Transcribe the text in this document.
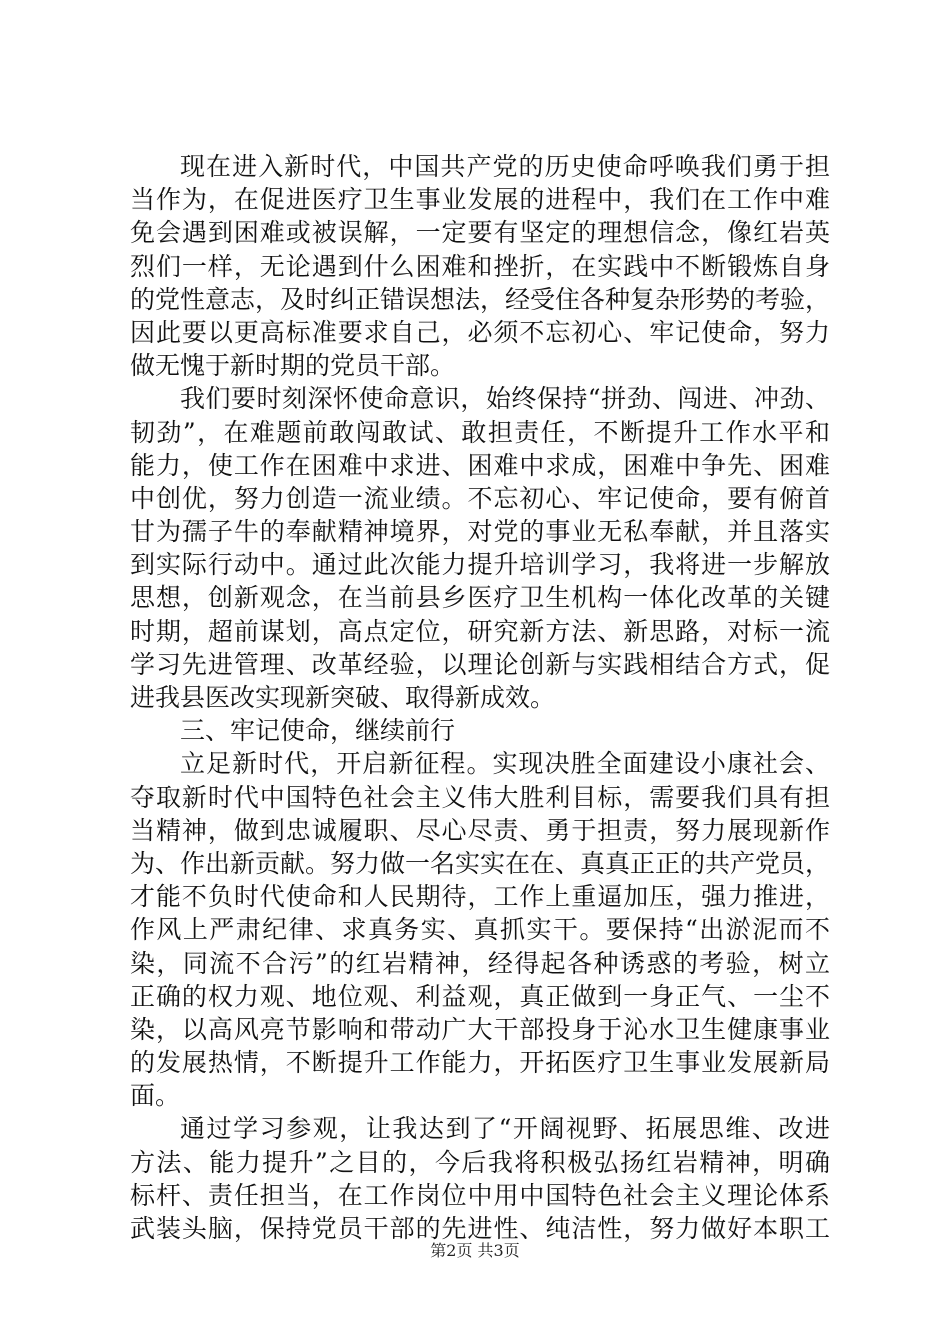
现在进入新时代，中国共产党的历史使命呼唤我们勇于担
当作为，在促进医疗卫生事业发展的进程中，我们在工作中难
免会遇到困难或被误解，一定要有坚定的理想信念，像红岩英
烈们一样，无论遇到什么困难和挫折，在实践中不断锻炼自身
的党性意志，及时纠正错误想法，经受住各种复杂形势的考验，
因此要以更高标准要求自己，必须不忘初心、牢记使命，努力
做无愧于新时期的党员干部。
我们要时刻深怀使命意识，始终保持“拼劲、闯进、冲劲、
韧劲”，在难题前敢闯敢试、敢担责任，不断提升工作水平和
能力，使工作在困难中求进、困难中求成，困难中争先、困难
中创优，努力创造一流业绩。不忘初心、牢记使命，要有俯首
甘为孺子牛的奉献精神境界，对党的事业无私奉献，并且落实
到实际行动中。通过此次能力提升培训学习，我将进一步解放
思想，创新观念，在当前县乡医疗卫生机构一体化改革的关键
时期，超前谋划，高点定位，研究新方法、新思路，对标一流
学习先进管理、改革经验，以理论创新与实践相结合方式，促
进我县医改实现新突破、取得新成效。
三、牢记使命，继续前行
立足新时代，开启新征程。实现决胜全面建设小康社会、
夺取新时代中国特色社会主义伟大胜利目标，需要我们具有担
当精神，做到忠诚履职、尽心尽责、勇于担责，努力展现新作
为、作出新贡献。努力做一名实实在在、真真正正的共产党员，
才能不负时代使命和人民期待，工作上重逼加压，强力推进，
作风上严肃纪律、求真务实、真抓实干。要保持“出淤泥而不
染，同流不合污”的红岩精神，经得起各种诱惑的考验，树立
正确的权力观、地位观、利益观，真正做到一身正气、一尘不
染，以高风亮节影响和带动广大干部投身于沁水卫生健康事业
的发展热情，不断提升工作能力，开拓医疗卫生事业发展新局
面。
通过学习参观，让我达到了“开阔视野、拓展思维、改进
方法、能力提升”之目的，今后我将积极弘扬红岩精神，明确
标杆、责任担当，在工作岗位中用中国特色社会主义理论体系
武装头脑，保持党员干部的先进性、纯洁性，努力做好本职工
第2页 共3页
